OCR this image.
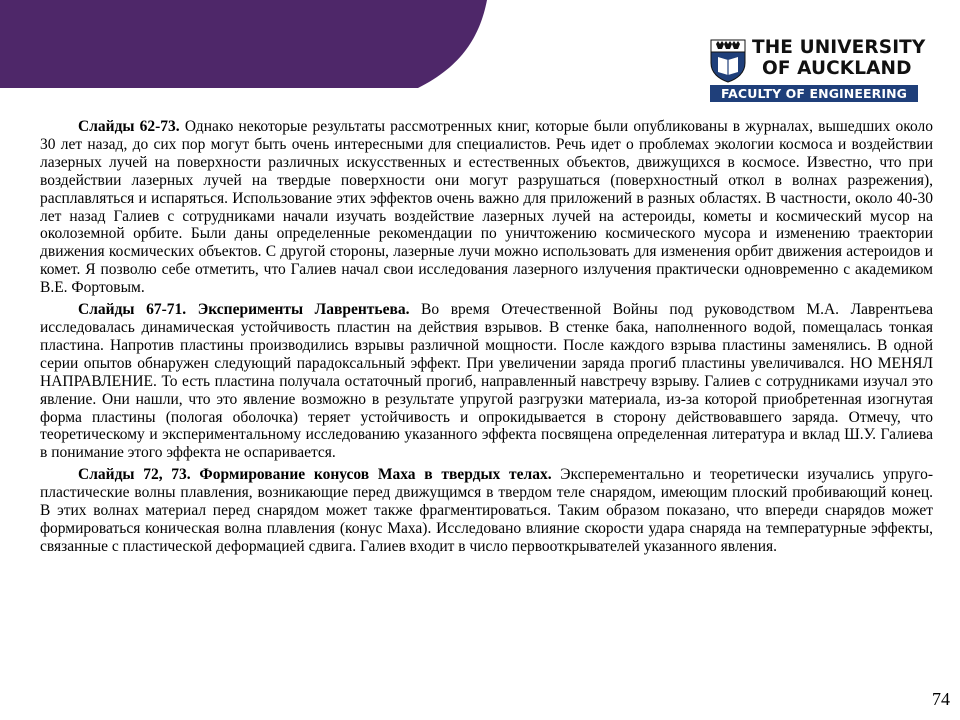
THE UNIVERSITY
OF AUCKLAND
FACULTY OF ENGINEERING

Слайды 62-73. Однако некоторые результаты рассмотренных книг, которые были опубликованы в журналах, вышедших около 30 лет назад, до сих пор могут быть очень интересными для специалистов. Речь идет о проблемах экологии космоса и воздействии лазерных лучей на поверхности различных искусственных и естественных объектов, движущихся в космосе. Известно, что при воздействии лазерных лучей на твердые поверхности они могут разрушаться (поверхностный откол в волнах разрежения), расплавляться и испаряться. Использование этих эффектов очень важно для приложений в разных областях. В частности, около 40-30 лет назад Галиев с сотрудниками начали изучать воздействие лазерных лучей на астероиды, кометы и космический мусор на околоземной орбите. Были даны определенные рекомендации по уничтожению космического мусора и изменению траектории движения космических объектов. С другой стороны, лазерные лучи можно использовать для изменения орбит движения астероидов и комет. Я позволю себе отметить, что Галиев начал свои исследования лазерного излучения практически одновременно с академиком В.Е. Фортовым.

Слайды 67-71. Эксперименты Лаврентьева. Во время Отечественной Войны под руководством М.А. Лаврентьева исследовалась динамическая устойчивость пластин на действия взрывов. В стенке бака, наполненного водой, помещалась тонкая пластина. Напротив пластины производились взрывы различной мощности. После каждого взрыва пластины заменялись. В одной серии опытов обнаружен следующий парадоксальный эффект. При увеличении заряда прогиб пластины увеличивался. НО МЕНЯЛ НАПРАВЛЕНИЕ. То есть пластина получала остаточный прогиб, направленный навстречу взрыву. Галиев с сотрудниками изучал это явление. Они нашли, что это явление возможно в результате упругой разгрузки материала, из-за которой приобретенная изогнутая форма пластины (пологая оболочка) теряет устойчивость и опрокидывается в сторону действовавшего заряда. Отмечу, что теоретическому и экспериментальному исследованию указанного эффекта посвящена определенная литература и вклад Ш.У. Галиева в понимание этого эффекта не оспаривается.

Слайды 72, 73. Формирование конусов Маха в твердых телах. Эксперементально и теоретически изучались упруго-пластические волны плавления, возникающие перед движущимся в твердом теле снарядом, имеющим плоский пробивающий конец. В этих волнах материал перед снарядом может также фрагментироваться. Таким образом показано, что впереди снарядов может формироваться коническая волна плавления (конус Маха). Исследовано влияние скорости удара снаряда на температурные эффекты, связанные с пластической деформацией сдвига. Галиев входит в число первооткрывателей указанного явления.

74
